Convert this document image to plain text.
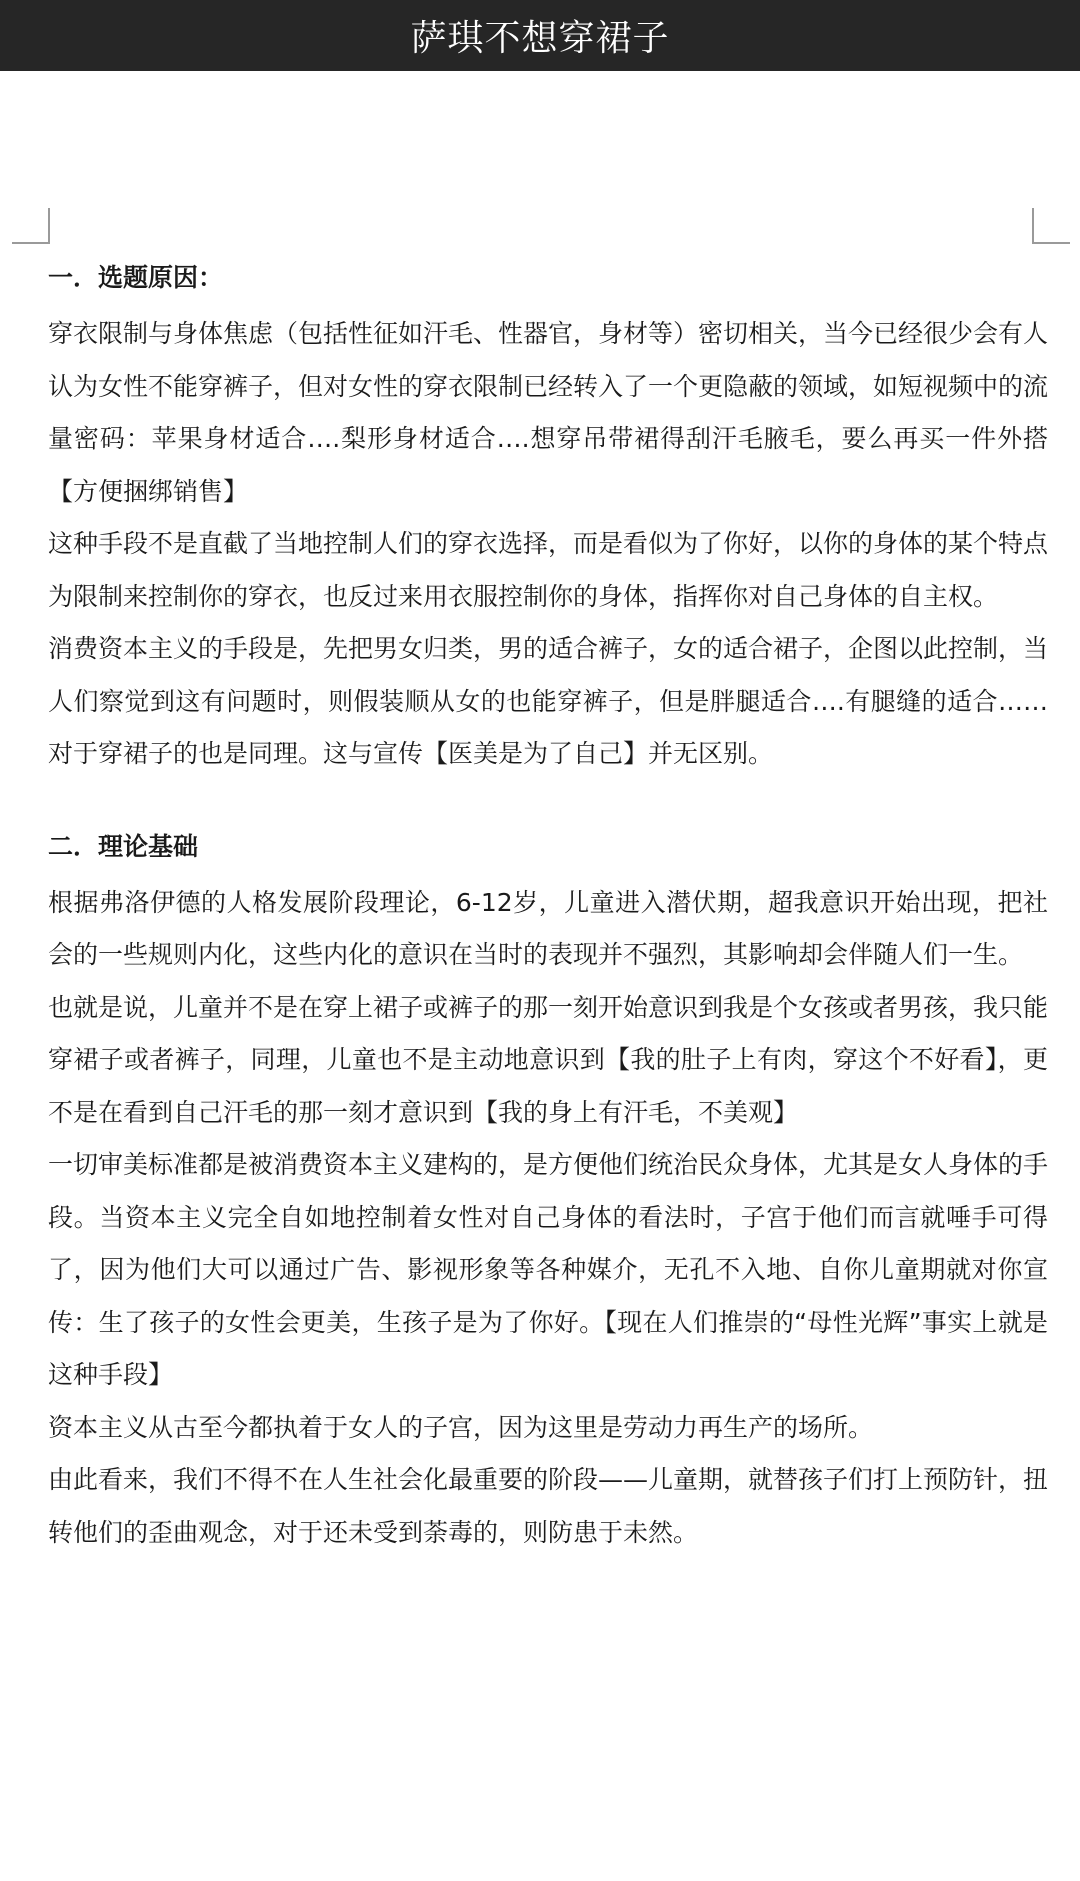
萨琪不想穿裙子
一．选题原因：

穿衣限制与身体焦虑（包括性征如汗毛、性器官，身材等）密切相关，当今已经很少会有人认为女性不能穿裤子，但对女性的穿衣限制已经转入了一个更隐蔽的领域，如短视频中的流量密码：苹果身材适合….梨形身材适合….想穿吊带裙得刮汗毛腋毛，要么再买一件外搭【方便捆绑销售】

这种手段不是直截了当地控制人们的穿衣选择，而是看似为了你好，以你的身体的某个特点为限制来控制你的穿衣，也反过来用衣服控制你的身体，指挥你对自己身体的自主权。

消费资本主义的手段是，先把男女归类，男的适合裤子，女的适合裙子，企图以此控制，当人们察觉到这有问题时，则假装顺从女的也能穿裤子，但是胖腿适合….有腿缝的适合……对于穿裙子的也是同理。这与宣传【医美是为了自己】并无区别。

二．理论基础

根据弗洛伊德的人格发展阶段理论，6-12岁，儿童进入潜伏期，超我意识开始出现，把社会的一些规则内化，这些内化的意识在当时的表现并不强烈，其影响却会伴随人们一生。

也就是说，儿童并不是在穿上裙子或裤子的那一刻开始意识到我是个女孩或者男孩，我只能穿裙子或者裤子，同理，儿童也不是主动地意识到【我的肚子上有肉，穿这个不好看】，更不是在看到自己汗毛的那一刻才意识到【我的身上有汗毛，不美观】

一切审美标准都是被消费资本主义建构的，是方便他们统治民众身体，尤其是女人身体的手段。当资本主义完全自如地控制着女性对自己身体的看法时，子宫于他们而言就唾手可得了，因为他们大可以通过广告、影视形象等各种媒介，无孔不入地、自你儿童期就对你宣传：生了孩子的女性会更美，生孩子是为了你好。【现在人们推崇的“母性光辉”事实上就是这种手段】

资本主义从古至今都执着于女人的子宫，因为这里是劳动力再生产的场所。

由此看来，我们不得不在人生社会化最重要的阶段——儿童期，就替孩子们打上预防针，扭转他们的歪曲观念，对于还未受到荼毒的，则防患于未然。
